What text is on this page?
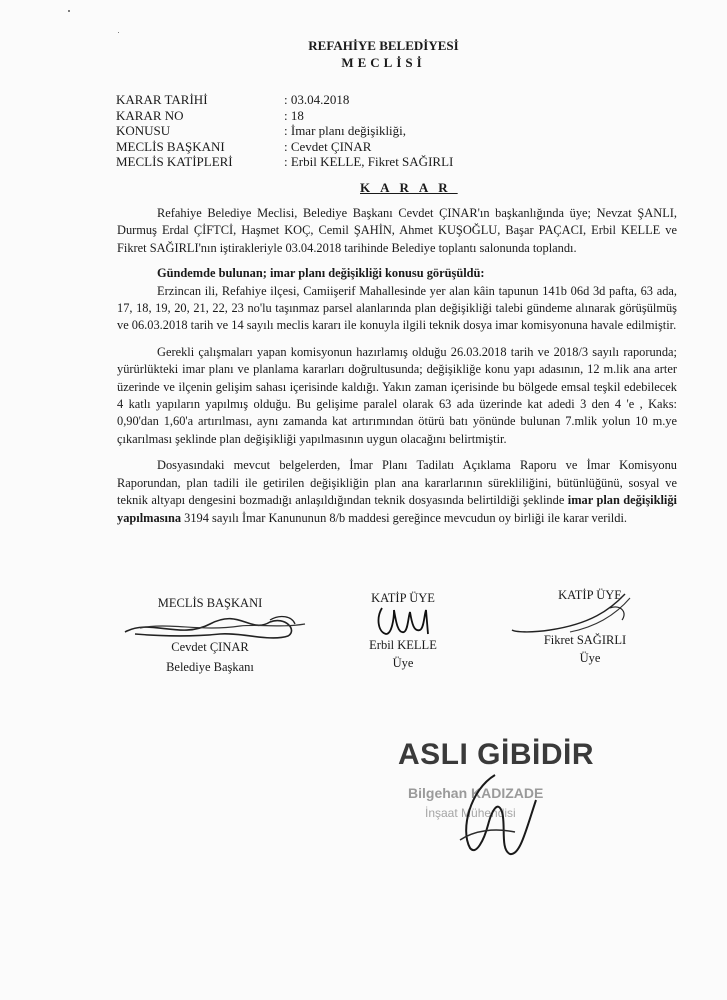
REFAHİYE BELEDİYESİ
MECLİSİ
KARAR TARİHİ	: 03.04.2018
KARAR NO	: 18
KONUSU	: İmar planı değişikliği,
MECLİS BAŞKANI	: Cevdet ÇINAR
MECLİS KATİPLERİ	: Erbil KELLE, Fikret SAĞIRLI
KARAR

Refahiye Belediye Meclisi, Belediye Başkanı Cevdet ÇINAR'ın başkanlığında üye; Nevzat ŞANLI, Durmuş Erdal ÇİFTCİ, Haşmet KOÇ, Cemil ŞAHİN, Ahmet KUŞOĞLU, Başar PAÇACI, Erbil KELLE ve Fikret SAĞIRLI'nın iştirakleriyle 03.04.2018 tarihinde Belediye toplantı salonunda toplandı.

Gündemde bulunan; imar planı değişikliği konusu görüşüldü:

Erzincan ili, Refahiye ilçesi, Camiişerif Mahallesinde yer alan kâin tapunun 141b 06d 3d pafta, 63 ada, 17, 18, 19, 20, 21, 22, 23 no'lu taşınmaz parsel alanlarında plan değişikliği talebi gündeme alınarak görüşülmüş ve 06.03.2018 tarih ve 14 sayılı meclis kararı ile konuyla ilgili teknik dosya imar komisyonuna havale edilmiştir.

Gerekli çalışmaları yapan komisyonun hazırlamış olduğu 26.03.2018 tarih ve 2018/3 sayılı raporunda; yürürlükteki imar planı ve planlama kararları doğrultusunda; değişikliğe konu yapı adasının, 12 m.lik ana arter üzerinde ve ilçenin gelişim sahası içerisinde kaldığı. Yakın zaman içerisinde bu bölgede emsal teşkil edebilecek 4 katlı yapıların yapılmış olduğu. Bu gelişime paralel olarak 63 ada üzerinde kat adedi 3 den 4 'e , Kaks: 0,90'dan 1,60'a artırılması, aynı zamanda kat artırımından ötürü batı yönünde bulunan 7.mlik yolun 10 m.ye çıkarılması şeklinde plan değişikliği yapılmasının uygun olacağını belirtmiştir.

Dosyasındaki mevcut belgelerden, İmar Planı Tadilatı Açıklama Raporu ve İmar Komisyonu Raporundan, plan tadili ile getirilen değişikliğin plan ana kararlarının sürekliliğini, bütünlüğünü, sosyal ve teknik altyapı dengesini bozmadığı anlaşıldığından teknik dosyasında belirtildiği şeklinde imar plan değişikliği yapılmasına 3194 sayılı İmar Kanununun 8/b maddesi gereğince mevcudun oy birliği ile karar verildi.

MECLİS BAŞKANI
Cevdet ÇINAR
Belediye Başkanı
KATİP ÜYE
Erbil KELLE
Üye
KATİP ÜYE
Fikret SAĞIRLI
Üye
ASLI GİBİDİR
Bilgehan KADIZADE
İnşaat Mühendisi
